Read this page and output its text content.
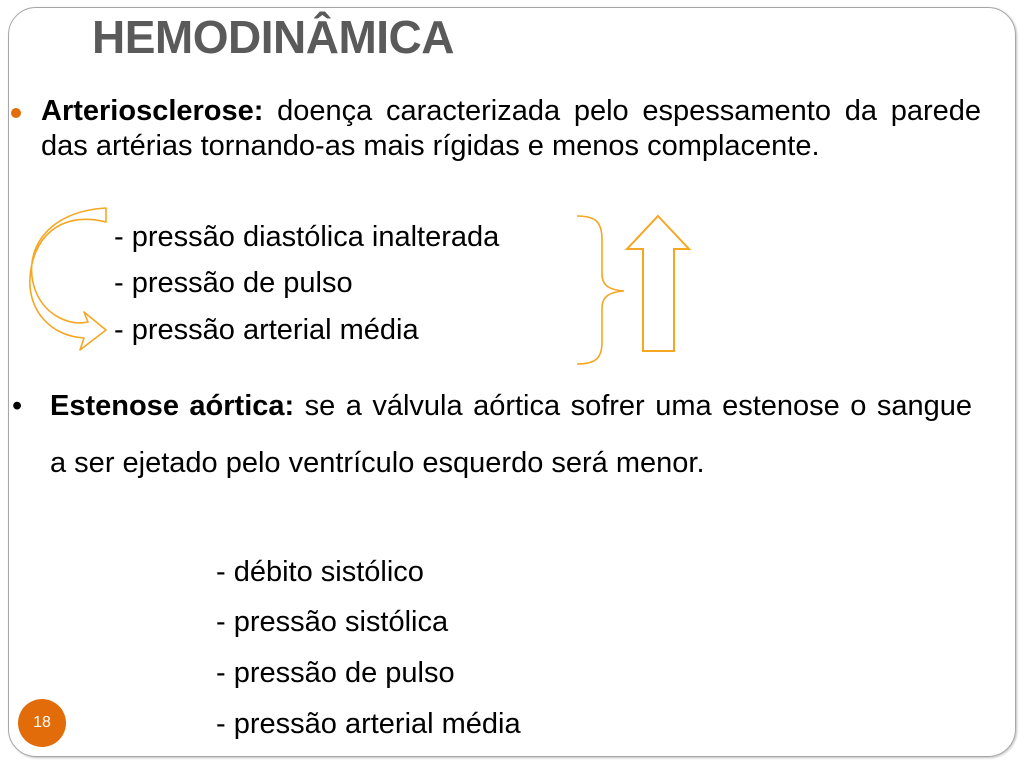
HEMODINÂMICA
Arteriosclerose: doença caracterizada pelo espessamento da parede das artérias tornando-as mais rígidas e menos complacente.
- pressão diastólica inalterada
- pressão de pulso
- pressão arterial média
• Estenose aórtica: se a válvula aórtica sofrer uma estenose o sangue a ser ejetado pelo ventrículo esquerdo será menor.
- débito sistólico
- pressão sistólica
- pressão de pulso
- pressão arterial média
18
